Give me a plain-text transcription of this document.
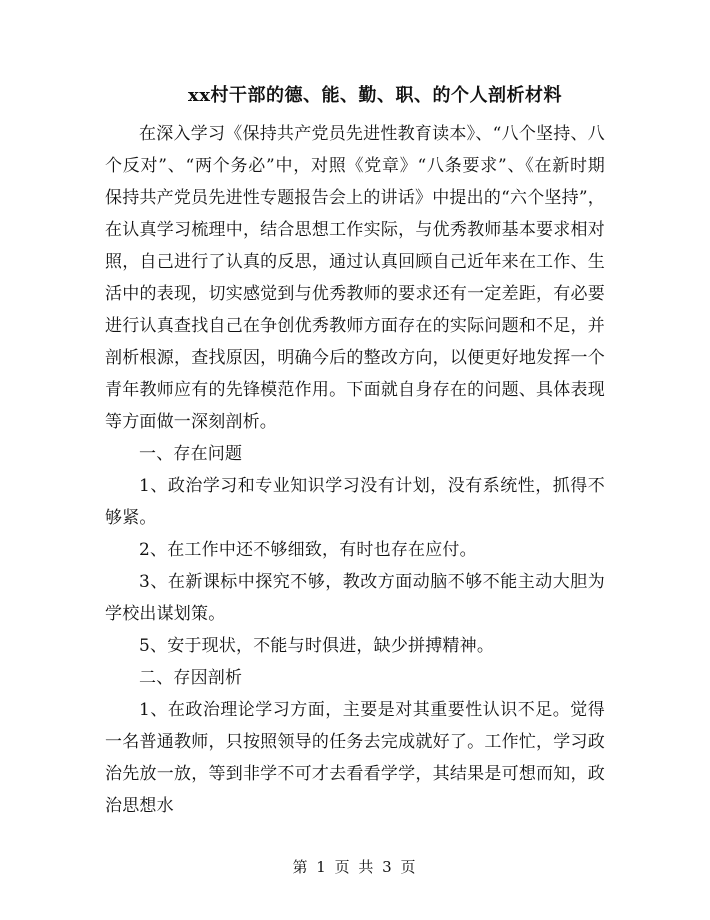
xx村干部的德、能、勤、职、的个人剖析材料

在深入学习《保持共产党员先进性教育读本》、“八个坚持、八个反对”、“两个务必”中，对照《党章》“八条要求”、《在新时期保持共产党员先进性专题报告会上的讲话》中提出的“六个坚持”，在认真学习梳理中，结合思想工作实际，与优秀教师基本要求相对照，自己进行了认真的反思，通过认真回顾自己近年来在工作、生活中的表现，切实感觉到与优秀教师的要求还有一定差距，有必要进行认真查找自己在争创优秀教师方面存在的实际问题和不足，并剖析根源，查找原因，明确今后的整改方向，以便更好地发挥一个青年教师应有的先锋模范作用。下面就自身存在的问题、具体表现等方面做一深刻剖析。

一、存在问题

1、政治学习和专业知识学习没有计划，没有系统性，抓得不够紧。

2、在工作中还不够细致，有时也存在应付。

3、在新课标中探究不够，教改方面动脑不够不能主动大胆为学校出谋划策。

5、安于现状，不能与时俱进，缺少拼搏精神。

二、存因剖析

1、在政治理论学习方面，主要是对其重要性认识不足。觉得一名普通教师，只按照领导的任务去完成就好了。工作忙，学习政治先放一放，等到非学不可才去看看学学，其结果是可想而知，政治思想水

第 1 页 共 3 页
